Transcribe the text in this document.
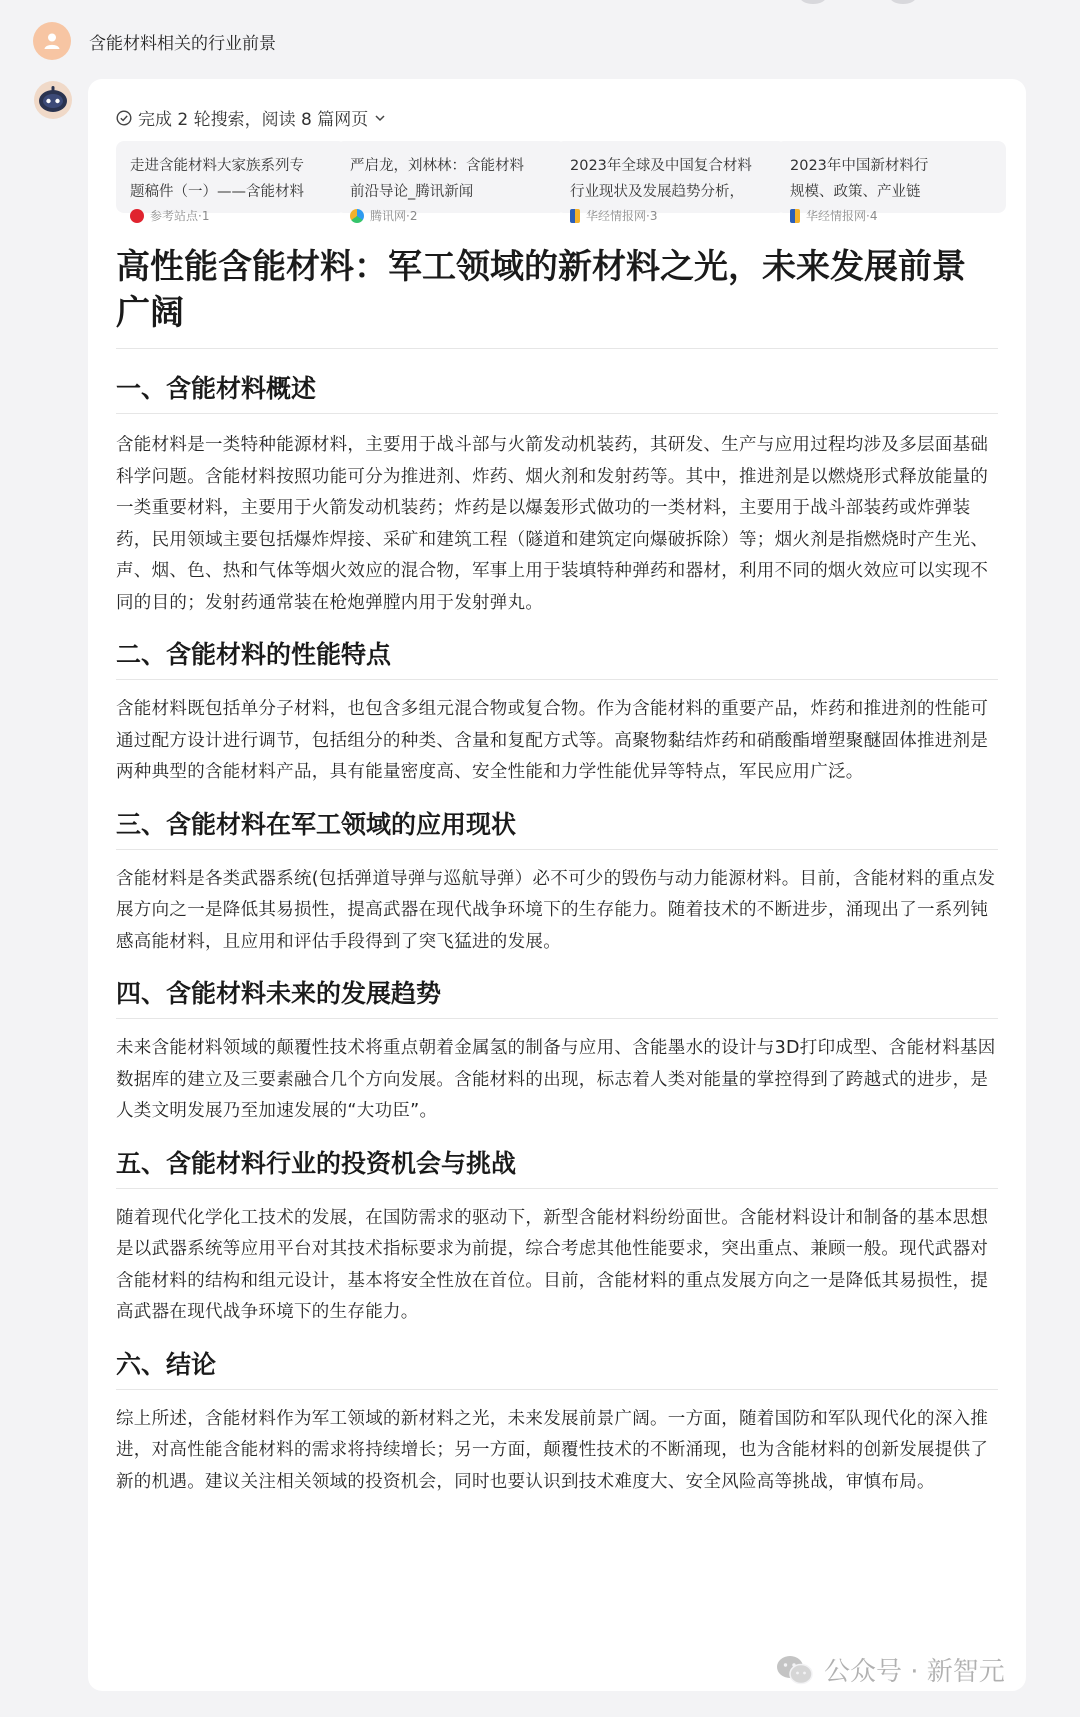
含能材料相关的行业前景
完成 2 轮搜索，阅读 8 篇网页
走进含能材料大家族系列专
题稿件（一）——含能材料
参考站点·1
严启龙，刘林林：含能材料
前沿导论_腾讯新闻
腾讯网·2
2023年全球及中国复合材料
行业现状及发展趋势分析，
华经情报网·3
2023年中国新材料行
规模、政策、产业链
华经情报网·4
高性能含能材料：军工领域的新材料之光，未来发展前景广阔
一、含能材料概述

含能材料是一类特种能源材料，主要用于战斗部与火箭发动机装药，其研发、生产与应用过程均涉及多层面基础科学问题。含能材料按照功能可分为推进剂、炸药、烟火剂和发射药等。其中，推进剂是以燃烧形式释放能量的一类重要材料，主要用于火箭发动机装药；炸药是以爆轰形式做功的一类材料，主要用于战斗部装药或炸弹装药，民用领域主要包括爆炸焊接、采矿和建筑工程（隧道和建筑定向爆破拆除）等；烟火剂是指燃烧时产生光、声、烟、色、热和气体等烟火效应的混合物，军事上用于装填特种弹药和器材，利用不同的烟火效应可以实现不同的目的；发射药通常装在枪炮弹膛内用于发射弹丸。

二、含能材料的性能特点

含能材料既包括单分子材料，也包含多组元混合物或复合物。作为含能材料的重要产品，炸药和推进剂的性能可通过配方设计进行调节，包括组分的种类、含量和复配方式等。高聚物黏结炸药和硝酸酯增塑聚醚固体推进剂是两种典型的含能材料产品，具有能量密度高、安全性能和力学性能优异等特点，军民应用广泛。

三、含能材料在军工领域的应用现状

含能材料是各类武器系统(包括弹道导弹与巡航导弹）必不可少的毁伤与动力能源材料。目前，含能材料的重点发展方向之一是降低其易损性，提高武器在现代战争环境下的生存能力。随着技术的不断进步，涌现出了一系列钝感高能材料，且应用和评估手段得到了突飞猛进的发展。

四、含能材料未来的发展趋势

未来含能材料领域的颠覆性技术将重点朝着金属氢的制备与应用、含能墨水的设计与3D打印成型、含能材料基因数据库的建立及三要素融合几个方向发展。含能材料的出现，标志着人类对能量的掌控得到了跨越式的进步，是人类文明发展乃至加速发展的“大功臣”。

五、含能材料行业的投资机会与挑战

随着现代化学化工技术的发展，在国防需求的驱动下，新型含能材料纷纷面世。含能材料设计和制备的基本思想是以武器系统等应用平台对其技术指标要求为前提，综合考虑其他性能要求，突出重点、兼顾一般。现代武器对含能材料的结构和组元设计，基本将安全性放在首位。目前，含能材料的重点发展方向之一是降低其易损性，提高武器在现代战争环境下的生存能力。

六、结论

综上所述，含能材料作为军工领域的新材料之光，未来发展前景广阔。一方面，随着国防和军队现代化的深入推进，对高性能含能材料的需求将持续增长；另一方面，颠覆性技术的不断涌现，也为含能材料的创新发展提供了新的机遇。建议关注相关领域的投资机会，同时也要认识到技术难度大、安全风险高等挑战，审慎布局。

公众号 · 新智元
